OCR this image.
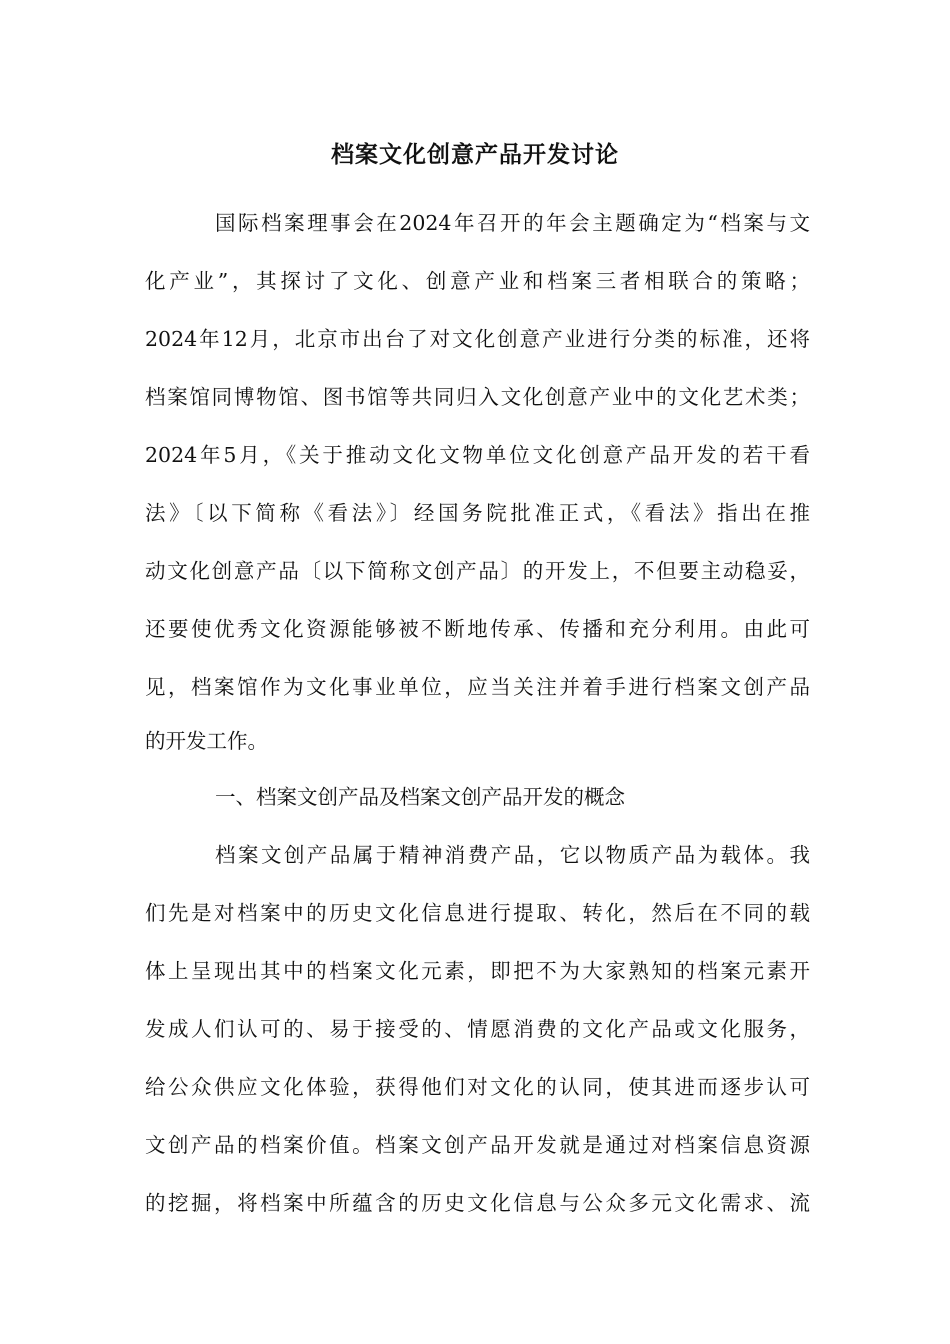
档案文化创意产品开发讨论
国际档案理事会在2024年召开的年会主题确定为“档案与文
化产业”，其探讨了文化、创意产业和档案三者相联合的策略；
2024年12月，北京市出台了对文化创意产业进行分类的标准，还将
档案馆同博物馆、图书馆等共同归入文化创意产业中的文化艺术类；
2024年5月，《关于推动文化文物单位文化创意产品开发的若干看
法》〔以下简称《看法》〕经国务院批准正式，《看法》指出在推
动文化创意产品〔以下简称文创产品〕的开发上，不但要主动稳妥，
还要使优秀文化资源能够被不断地传承、传播和充分利用。由此可
见，档案馆作为文化事业单位，应当关注并着手进行档案文创产品
的开发工作。
一、档案文创产品及档案文创产品开发的概念
档案文创产品属于精神消费产品，它以物质产品为载体。我
们先是对档案中的历史文化信息进行提取、转化，然后在不同的载
体上呈现出其中的档案文化元素，即把不为大家熟知的档案元素开
发成人们认可的、易于接受的、情愿消费的文化产品或文化服务，
给公众供应文化体验，获得他们对文化的认同，使其进而逐步认可
文创产品的档案价值。档案文创产品开发就是通过对档案信息资源
的挖掘，将档案中所蕴含的历史文化信息与公众多元文化需求、流
